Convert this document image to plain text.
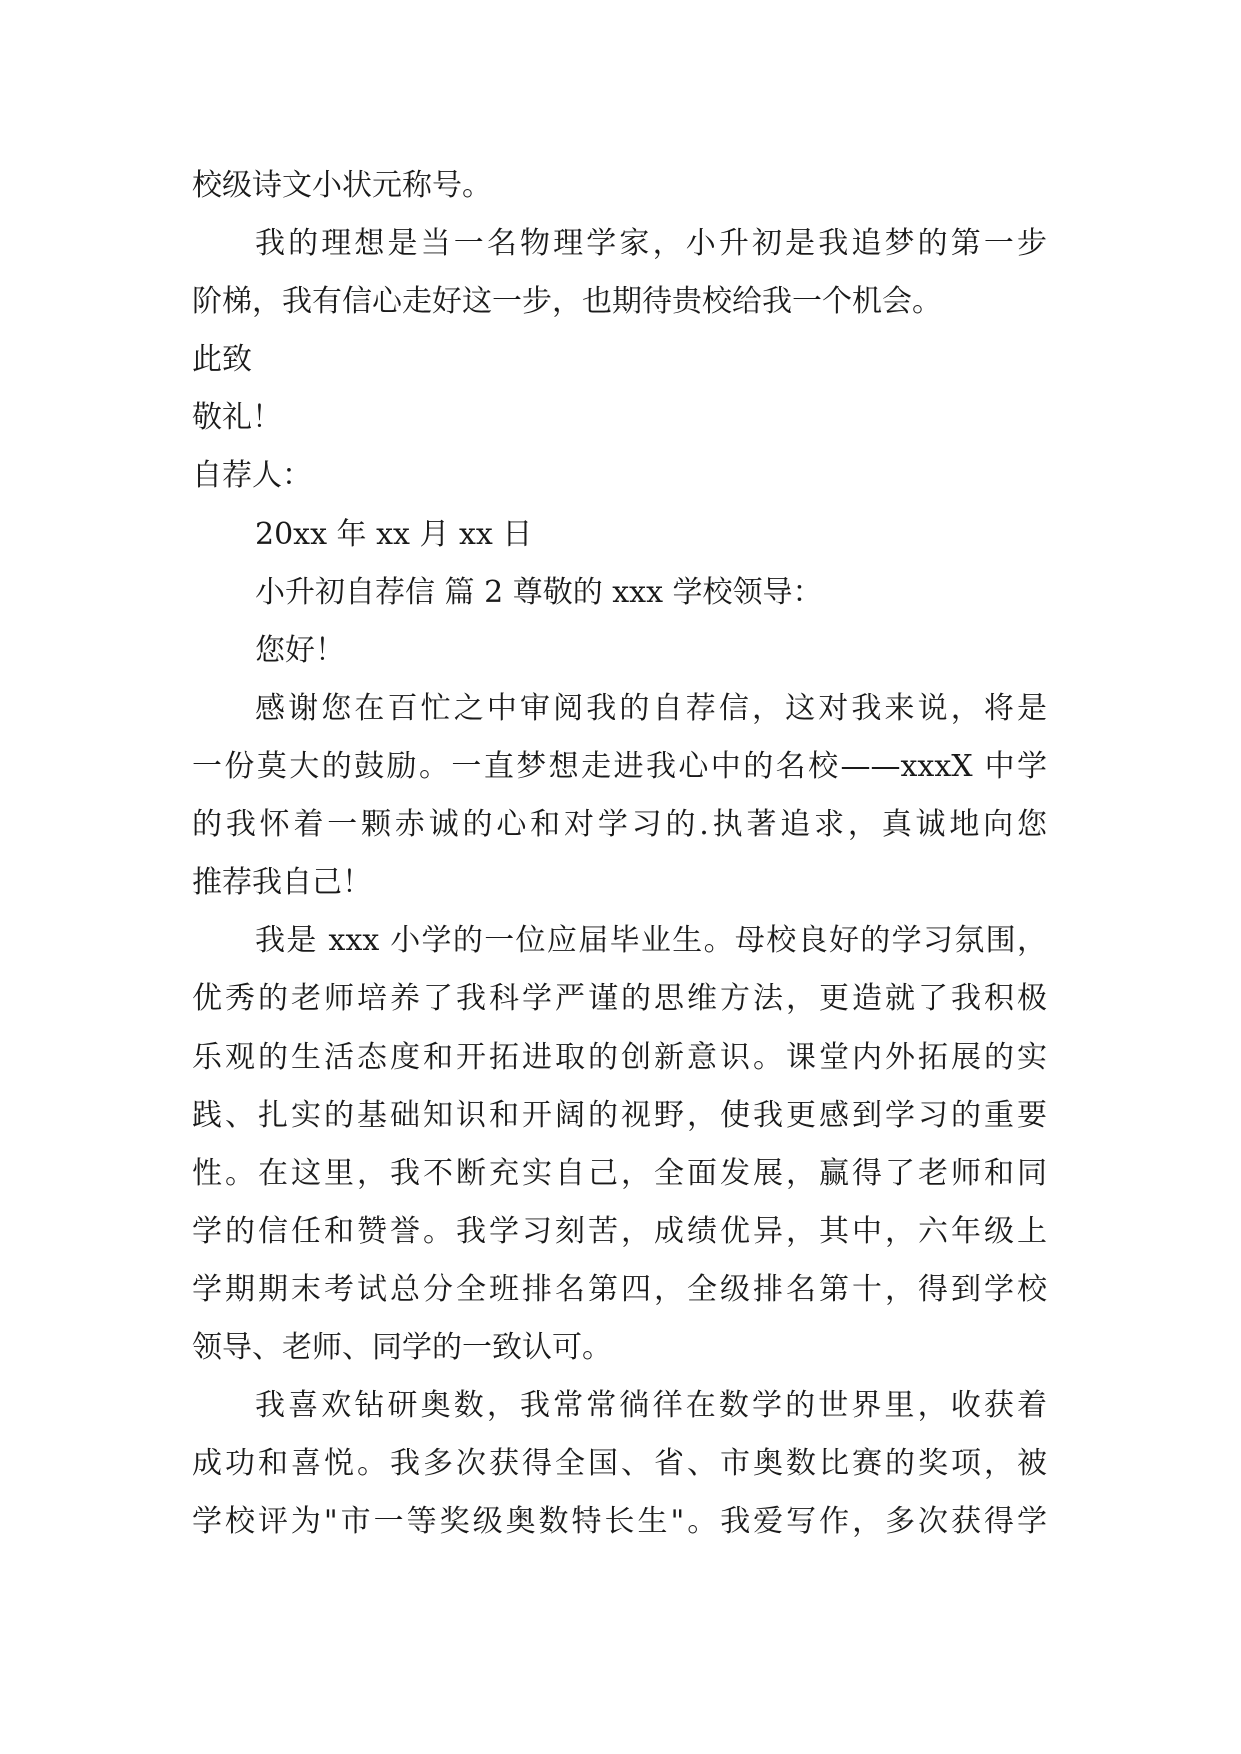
校级诗文小状元称号。
我的理想是当一名物理学家，小升初是我追梦的第一步
阶梯，我有信心走好这一步，也期待贵校给我一个机会。
此致
敬礼！
自荐人：
20xx 年 xx 月 xx 日
小升初自荐信 篇 2 尊敬的 xxx 学校领导：
您好！
感谢您在百忙之中审阅我的自荐信，这对我来说，将是
一份莫大的鼓励。一直梦想走进我心中的名校——xxxX 中学
的我怀着一颗赤诚的心和对学习的.执著追求，真诚地向您
推荐我自己！
我是 xxx 小学的一位应届毕业生。母校良好的学习氛围，
优秀的老师培养了我科学严谨的思维方法，更造就了我积极
乐观的生活态度和开拓进取的创新意识。课堂内外拓展的实
践、扎实的基础知识和开阔的视野，使我更感到学习的重要
性。在这里，我不断充实自己，全面发展，赢得了老师和同
学的信任和赞誉。我学习刻苦，成绩优异，其中，六年级上
学期期末考试总分全班排名第四，全级排名第十，得到学校
领导、老师、同学的一致认可。
我喜欢钻研奥数，我常常徜徉在数学的世界里，收获着
成功和喜悦。我多次获得全国、省、市奥数比赛的奖项，被
学校评为"市一等奖级奥数特长生"。我爱写作，多次获得学
